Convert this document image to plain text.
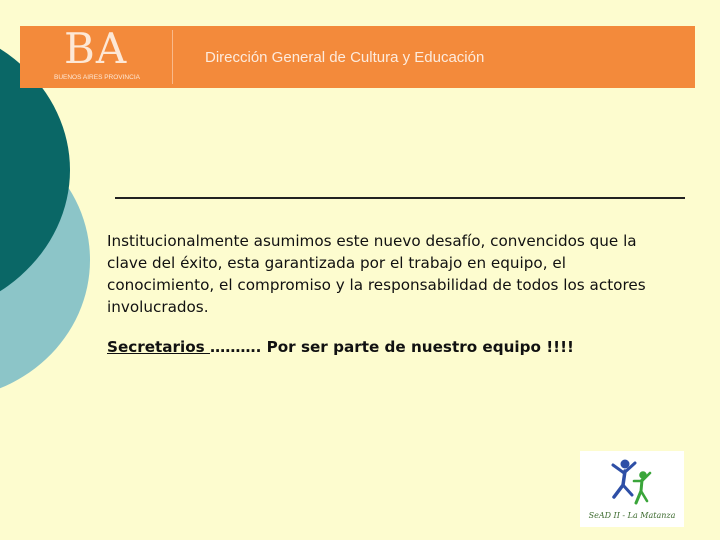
BA
BUENOS AIRES PROVINCIA
Dirección General de Cultura y Educación

Institucionalmente asumimos este nuevo desafío, convencidos que la clave del éxito, esta garantizada por el trabajo en equipo, el conocimiento, el compromiso y la responsabilidad de todos los actores involucrados.

Secretarios ………. Por ser parte de nuestro equipo !!!!
SeAD II - La Matanza
